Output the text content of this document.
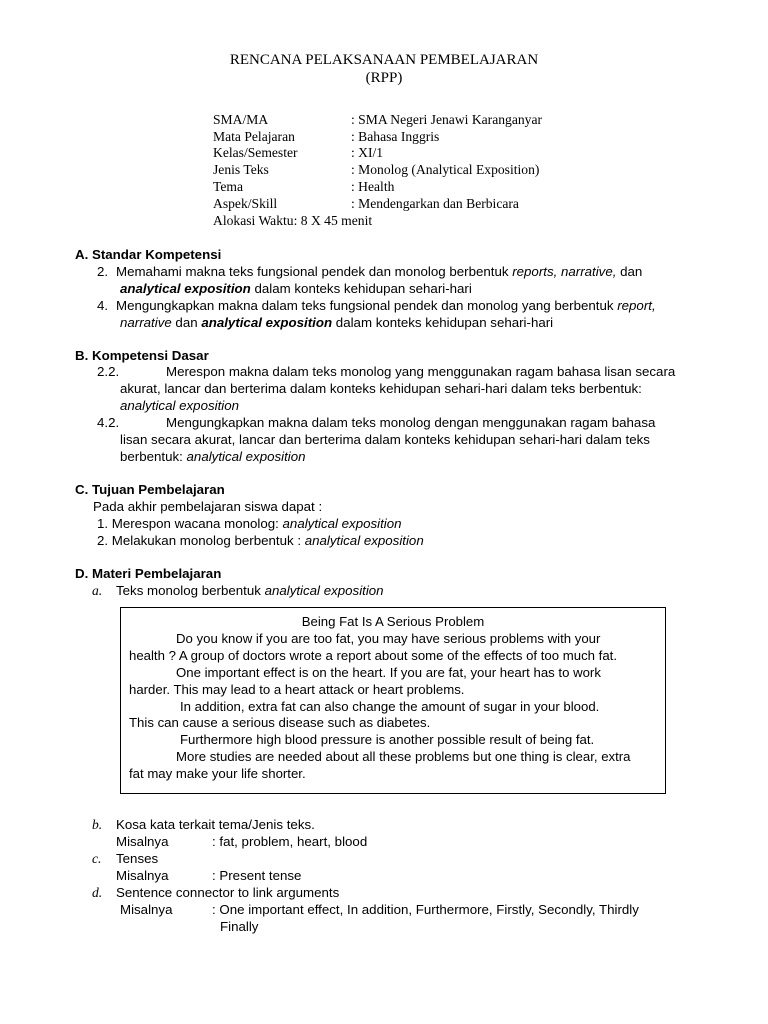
RENCANA PELAKSANAAN PEMBELAJARAN
(RPP)
SMA/MA	: SMA Negeri Jenawi Karanganyar
Mata Pelajaran	: Bahasa Inggris
Kelas/Semester	: XI/1
Jenis Teks	: Monolog (Analytical Exposition)
Tema	: Health
Aspek/Skill	: Mendengarkan dan Berbicara
Alokasi Waktu: 8 X 45 menit
A. Standar Kompetensi
2. Memahami makna teks fungsional pendek dan monolog berbentuk reports, narrative, dan
analytical exposition dalam konteks kehidupan sehari-hari
4. Mengungkapkan makna dalam teks fungsional pendek dan monolog yang berbentuk report,
narrative dan analytical exposition dalam konteks kehidupan sehari-hari
B. Kompetensi Dasar
2.2.	Merespon makna dalam teks monolog yang menggunakan ragam bahasa lisan secara
akurat, lancar dan berterima dalam konteks kehidupan sehari-hari dalam teks berbentuk:
analytical exposition
4.2.	Mengungkapkan makna dalam teks monolog dengan menggunakan ragam bahasa
lisan secara akurat, lancar dan berterima dalam konteks kehidupan sehari-hari dalam teks
berbentuk: analytical exposition
C. Tujuan Pembelajaran
Pada akhir pembelajaran siswa dapat :
1. Merespon wacana monolog: analytical exposition
2. Melakukan monolog berbentuk : analytical exposition
D. Materi Pembelajaran
a. Teks monolog berbentuk analytical exposition
Being Fat Is A Serious Problem
Do you know if you are too fat, you may have serious problems with your
health ? A group of doctors wrote a report about some of the effects of too much fat.
One important effect is on the heart. If you are fat, your heart has to work
harder. This may lead to a heart attack or heart problems.
In addition, extra fat can also change the amount of sugar in your blood.
This can cause a serious disease such as diabetes.
Furthermore high blood pressure is another possible result of being fat.
More studies are needed about all these problems but one thing is clear, extra
fat may make your life shorter.
b. Kosa kata terkait tema/Jenis teks.
Misalnya	: fat, problem, heart, blood
c. Tenses
Misalnya	: Present tense
d. Sentence connector to link arguments
Misalnya	: One important effect, In addition, Furthermore, Firstly, Secondly, Thirdly
Finally
